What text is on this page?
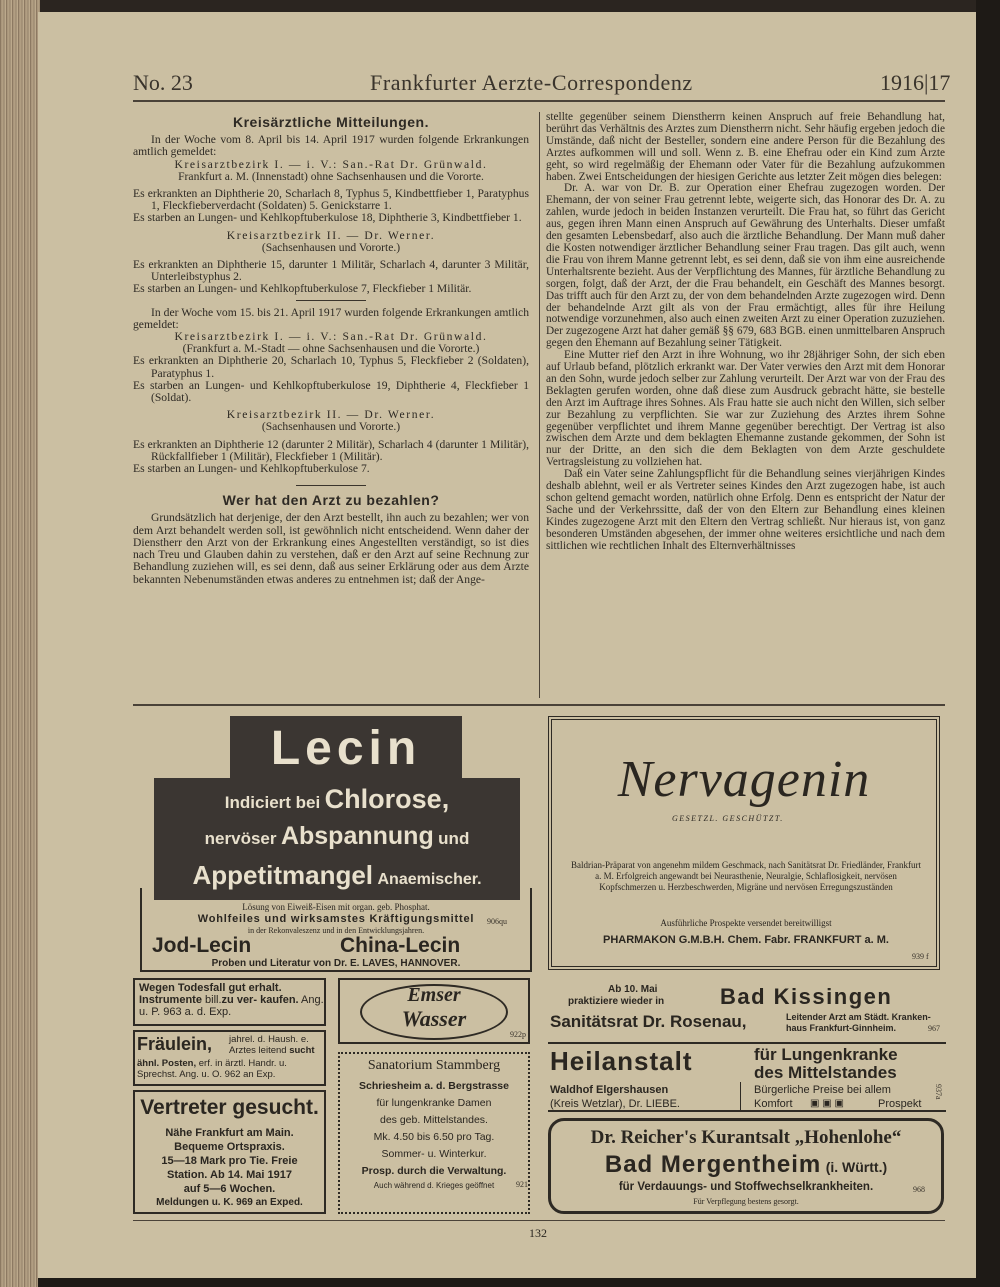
No. 23	Frankfurter Aerzte-Correspondenz	1916|17
Kreisärztliche Mitteilungen.

In der Woche vom 8. April bis 14. April 1917 wurden folgende Erkrankungen amtlich gemeldet:

Kreisarztbezirk I. — i. V.: San.-Rat Dr. Grünwald.

Frankfurt a. M. (Innenstadt) ohne Sachsenhausen und die Vororte.

Es erkrankten an Diphtherie 20, Scharlach 8, Typhus 5, Kindbettfieber 1, Paratyphus 1, Fleckfieberverdacht (Soldaten) 5. Genickstarre 1.

Es starben an Lungen- und Kehlkopftuberkulose 18, Diphtherie 3, Kindbettfieber 1.

Kreisarztbezirk II. — Dr. Werner.

(Sachsenhausen und Vororte.)

Es erkrankten an Diphtherie 15, darunter 1 Militär, Scharlach 4, darunter 3 Militär, Unterleibstyphus 2.

Es starben an Lungen- und Kehlkopftuberkulose 7, Fleckfieber 1 Militär.

In der Woche vom 15. bis 21. April 1917 wurden folgende Erkrankungen amtlich gemeldet:

Kreisarztbezirk I. — i. V.: San.-Rat Dr. Grünwald.

(Frankfurt a. M.-Stadt — ohne Sachsenhausen und die Vororte.)

Es erkrankten an Diphtherie 20, Scharlach 10, Typhus 5, Fleckfieber 2 (Soldaten), Paratyphus 1.

Es starben an Lungen- und Kehlkopftuberkulose 19, Diphtherie 4, Fleckfieber 1 (Soldat).

Kreisarztbezirk II. — Dr. Werner.

(Sachsenhausen und Vororte.)

Es erkrankten an Diphtherie 12 (darunter 2 Militär), Scharlach 4 (darunter 1 Militär), Rückfallfieber 1 (Militär), Fleckfieber 1 (Militär).

Es starben an Lungen- und Kehlkopftuberkulose 7.

Wer hat den Arzt zu bezahlen?

Grundsätzlich hat derjenige, der den Arzt bestellt, ihn auch zu bezahlen; wer von dem Arzt behandelt werden soll, ist gewöhnlich nicht entscheidend. Wenn daher der Dienstherr den Arzt von der Erkrankung eines Angestellten verständigt, so ist dies nach Treu und Glauben dahin zu verstehen, daß er den Arzt auf seine Rechnung zur Behandlung zuziehen will, es sei denn, daß aus seiner Erklärung oder aus dem Arzte bekannten Nebenumständen etwas anderes zu entnehmen ist; daß der Ange-

stellte gegenüber seinem Dienstherrn keinen Anspruch auf freie Behandlung hat, berührt das Verhältnis des Arztes zum Dienstherrn nicht. Sehr häufig ergeben jedoch die Umstände, daß nicht der Besteller, sondern eine andere Person für die Bezahlung des Arztes aufkommen will und soll. Wenn z. B. eine Ehefrau oder ein Kind zum Arzte geht, so wird regelmäßig der Ehemann oder Vater für die Bezahlung aufzukommen haben. Zwei Entscheidungen der hiesigen Gerichte aus letzter Zeit mögen dies belegen:

Dr. A. war von Dr. B. zur Operation einer Ehefrau zugezogen worden. Der Ehemann, der von seiner Frau getrennt lebte, weigerte sich, das Honorar des Dr. A. zu zahlen, wurde jedoch in beiden Instanzen verurteilt. Die Frau hat, so führt das Gericht aus, gegen ihren Mann einen Anspruch auf Gewährung des Unterhalts. Dieser umfaßt den gesamten Lebensbedarf, also auch die ärztliche Behandlung. Der Mann muß daher die Kosten notwendiger ärztlicher Behandlung seiner Frau tragen. Das gilt auch, wenn die Frau von ihrem Manne getrennt lebt, es sei denn, daß sie von ihm eine ausreichende Unterhaltsrente bezieht. Aus der Verpflichtung des Mannes, für ärztliche Behandlung zu sorgen, folgt, daß der Arzt, der die Frau behandelt, ein Geschäft des Mannes besorgt. Das trifft auch für den Arzt zu, der von dem behandelnden Arzte zugezogen wird. Denn der behandelnde Arzt gilt als von der Frau ermächtigt, alles für ihre Heilung notwendige vorzunehmen, also auch einen zweiten Arzt zu einer Operation zuzuziehen. Der zugezogene Arzt hat daher gemäß §§ 679, 683 BGB. einen unmittelbaren Anspruch gegen den Ehemann auf Bezahlung seiner Tätigkeit.

Eine Mutter rief den Arzt in ihre Wohnung, wo ihr 28jähriger Sohn, der sich eben auf Urlaub befand, plötzlich erkrankt war. Der Vater verwies den Arzt mit dem Honorar an den Sohn, wurde jedoch selber zur Zahlung verurteilt. Der Arzt war von der Frau des Beklagten gerufen worden, ohne daß diese zum Ausdruck gebracht hätte, sie bestelle den Arzt im Auftrage ihres Sohnes. Als Frau hatte sie auch nicht den Willen, sich selber zur Bezahlung zu verpflichten. Sie war zur Zuziehung des Arztes ihrem Sohne gegenüber verpflichtet und ihrem Manne gegenüber berechtigt. Der Vertrag ist also zwischen dem Arzte und dem beklagten Ehemanne zustande gekommen, der Sohn ist nur der Dritte, an den sich die dem Beklagten von dem Arzte geschuldete Vertragsleistung zu vollziehen hat.

Daß ein Vater seine Zahlungspflicht für die Behandlung seines vierjährigen Kindes deshalb ablehnt, weil er als Vertreter seines Kindes den Arzt zugezogen habe, ist auch schon geltend gemacht worden, natürlich ohne Erfolg. Denn es entspricht der Natur der Sache und der Verkehrssitte, daß der von den Eltern zur Behandlung eines kleinen Kindes zugezogene Arzt mit den Eltern den Vertrag schließt. Nur hieraus ist, von ganz besonderen Umständen abgesehen, der immer ohne weiteres ersichtliche und nach dem sittlichen wie rechtlichen Inhalt des Elternverhältnisses

Lecin
Indiciert bei Chlorose,
nervöser Abspannung und
Appetitmangel Anaemischer.
Lösung von Eiweiß-Eisen mit organ. geb. Phosphat.
Wohlfeiles und wirksamstes Kräftigungsmittel	906qu
in der Rekonvaleszenz und in den Entwicklungsjahren.
Jod-Lecin	China-Lecin
Proben und Literatur von Dr. E. LAVES, HANNOVER.
Nervagenin
GESETZL. GESCHÜTZT.
Baldrian-Präparat von angenehm mildem Geschmack, nach Sanitätsrat Dr. Friedländer, Frankfurt a. M. Erfolgreich angewandt bei Neurasthenie, Neuralgie, Schlaflosigkeit, nervösen Kopfschmerzen u. Herzbeschwerden, Migräne und nervösen Erregungszuständen
Ausführliche Prospekte versendet bereitwilligst
PHARMAKON G.M.B.H. Chem. Fabr. FRANKFURT a. M.
939 f
Wegen Todesfall gut erhalt. Instrumente bill.zu ver- kaufen. Ang. u. P. 963 a. d. Exp.
Fräulein, jahrel. d. Haush. e. Arztes leitend sucht
ähnl. Posten, erf. in ärztl. Handr. u. Sprechst. Ang. u. O. 962 an Exp.
Vertreter gesucht.
Nähe Frankfurt am Main.
Bequeme Ortspraxis.
15—18 Mark pro Tie. Freie
Station. Ab 14. Mai 1917
auf 5—6 Wochen.
Meldungen u. K. 969 an Exped.
Emser
Wasser
922p
Sanatorium Stammberg
Schriesheim a. d. Bergstrasse
für lungenkranke Damen
des geb. Mittelstandes.
Mk. 4.50 bis 6.50 pro Tag.
Sommer- u. Winterkur.
Prosp. durch die Verwaltung.
Auch während d. Krieges geöffnet	921
Ab 10. Mai
praktiziere wieder in	Bad Kissingen
Sanitätsrat Dr. Rosenau,	Leitender Arzt am Städt. Kranken-
haus Frankfurt-Ginnheim.	967
Heilanstalt	für Lungenkranke
des Mittelstandes
Waldhof Elgershausen
(Kreis Wetzlar), Dr. LIEBE.
Bürgerliche Preise bei allem
Komfort ▣ ▣ ▣	Prospekt
937a
Dr. Reicher's Kurantsalt „Hohenlohe“
Bad Mergentheim (i. Württ.)
für Verdauungs- und Stoffwechselkrankheiten.	968
Für Verpflegung bestens gesorgt.
132
